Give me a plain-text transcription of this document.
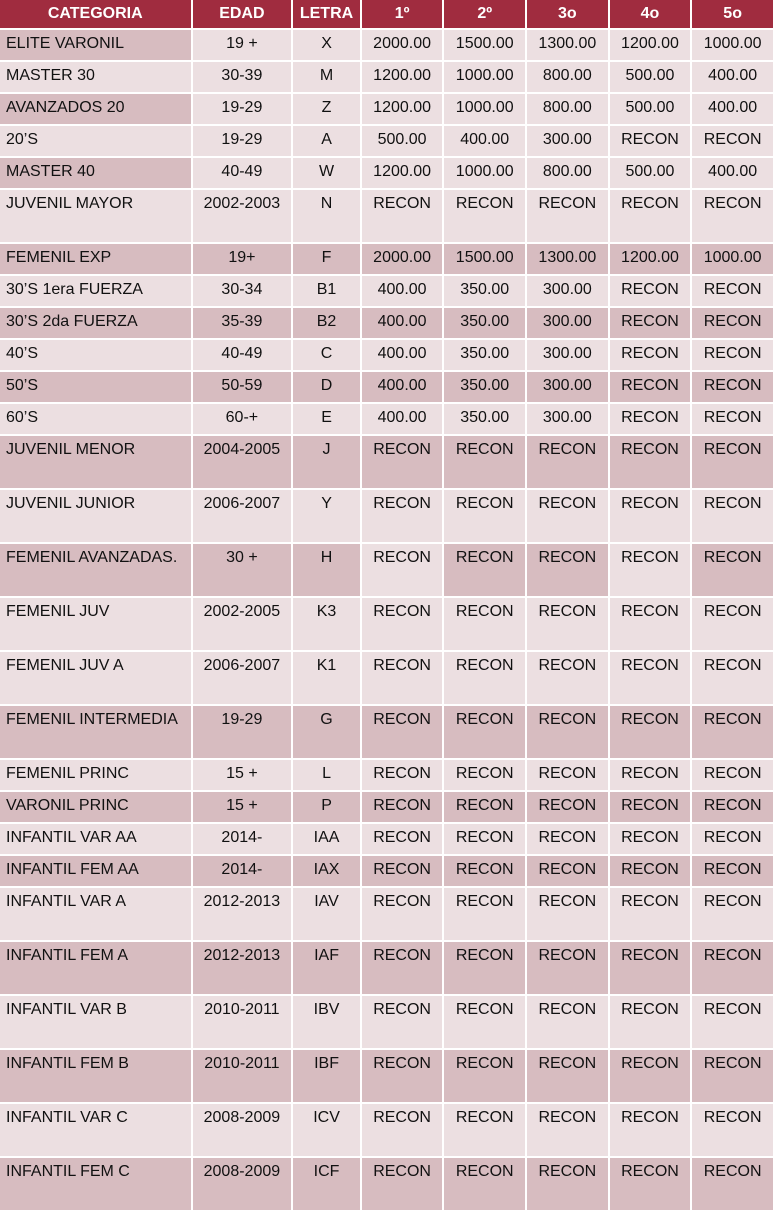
CATEGORIA	EDAD	LETRA	1º	2º	3o	4o	5o
ELITE VARONIL	19 +	X	2000.00	1500.00	1300.00	1200.00	1000.00
MASTER 30	30-39	M	1200.00	1000.00	800.00	500.00	400.00
AVANZADOS 20	19-29	Z	1200.00	1000.00	800.00	500.00	400.00
20’S	19-29	A	500.00	400.00	300.00	RECON	RECON
MASTER 40	40-49	W	1200.00	1000.00	800.00	500.00	400.00
JUVENIL MAYOR	2002-2003	N	RECON	RECON	RECON	RECON	RECON
FEMENIL EXP	19+	F	2000.00	1500.00	1300.00	1200.00	1000.00
30’S 1era FUERZA	30-34	B1	400.00	350.00	300.00	RECON	RECON
30’S 2da FUERZA	35-39	B2	400.00	350.00	300.00	RECON	RECON
40’S	40-49	C	400.00	350.00	300.00	RECON	RECON
50’S	50-59	D	400.00	350.00	300.00	RECON	RECON
60’S	60-+	E	400.00	350.00	300.00	RECON	RECON
JUVENIL MENOR	2004-2005	J	RECON	RECON	RECON	RECON	RECON
JUVENIL JUNIOR	2006-2007	Y	RECON	RECON	RECON	RECON	RECON
FEMENIL AVANZADAS.	30 +	H	RECON	RECON	RECON	RECON	RECON
FEMENIL JUV	2002-2005	K3	RECON	RECON	RECON	RECON	RECON
FEMENIL JUV A	2006-2007	K1	RECON	RECON	RECON	RECON	RECON
FEMENIL INTERMEDIA	19-29	G	RECON	RECON	RECON	RECON	RECON
FEMENIL PRINC	15 +	L	RECON	RECON	RECON	RECON	RECON
VARONIL PRINC	15 +	P	RECON	RECON	RECON	RECON	RECON
INFANTIL VAR AA	2014-	IAA	RECON	RECON	RECON	RECON	RECON
INFANTIL FEM AA	2014-	IAX	RECON	RECON	RECON	RECON	RECON
INFANTIL VAR A	2012-2013	IAV	RECON	RECON	RECON	RECON	RECON
INFANTIL FEM A	2012-2013	IAF	RECON	RECON	RECON	RECON	RECON
INFANTIL VAR B	2010-2011	IBV	RECON	RECON	RECON	RECON	RECON
INFANTIL FEM B	2010-2011	IBF	RECON	RECON	RECON	RECON	RECON
INFANTIL VAR C	2008-2009	ICV	RECON	RECON	RECON	RECON	RECON
INFANTIL FEM C	2008-2009	ICF	RECON	RECON	RECON	RECON	RECON
